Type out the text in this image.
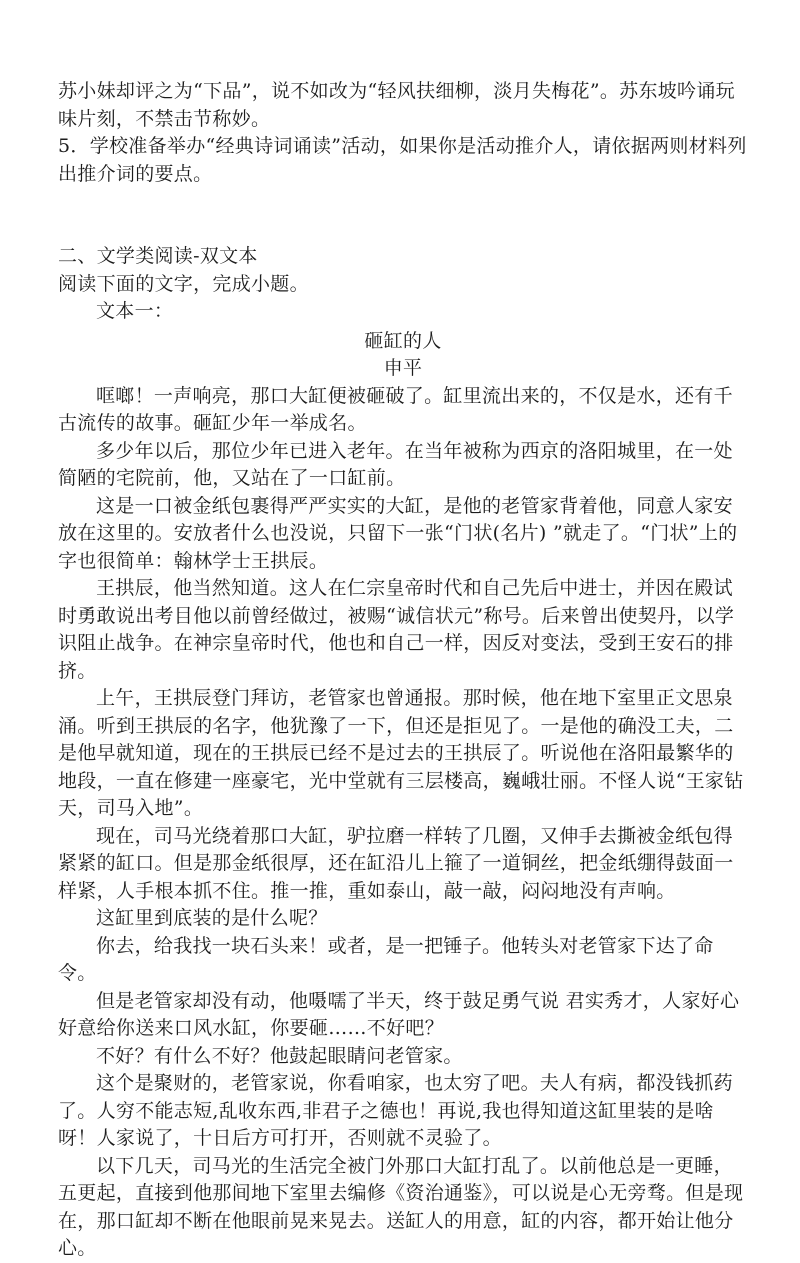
苏小妹却评之为“下品”，说不如改为“轻风扶细柳，淡月失梅花”。苏东坡吟诵玩味片刻，不禁击节称妙。

5．学校准备举办“经典诗词诵读”活动，如果你是活动推介人，请依据两则材料列出推介词的要点。

二、文学类阅读-双文本

阅读下面的文字，完成小题。

文本一：

砸缸的人

申平

哐啷！一声响亮，那口大缸便被砸破了。缸里流出来的，不仅是水，还有千古流传的故事。砸缸少年一举成名。

多少年以后，那位少年已进入老年。在当年被称为西京的洛阳城里，在一处简陋的宅院前，他，又站在了一口缸前。

这是一口被金纸包裹得严严实实的大缸，是他的老管家背着他，同意人家安放在这里的。安放者什么也没说，只留下一张“门状(名片) ”就走了。“门状”上的字也很简单：翰林学士王拱辰。

王拱辰，他当然知道。这人在仁宗皇帝时代和自己先后中进士，并因在殿试时勇敢说出考目他以前曾经做过，被赐“诚信状元”称号。后来曾出使契丹，以学识阻止战争。在神宗皇帝时代，他也和自己一样，因反对变法，受到王安石的排挤。

上午，王拱辰登门拜访，老管家也曾通报。那时候，他在地下室里正文思泉涌。听到王拱辰的名字，他犹豫了一下，但还是拒见了。一是他的确没工夫，二是他早就知道，现在的王拱辰已经不是过去的王拱辰了。听说他在洛阳最繁华的地段，一直在修建一座豪宅，光中堂就有三层楼高，巍峨壮丽。不怪人说“王家钻天，司马入地”。

现在，司马光绕着那口大缸，驴拉磨一样转了几圈，又伸手去撕被金纸包得紧紧的缸口。但是那金纸很厚，还在缸沿儿上箍了一道铜丝，把金纸绷得鼓面一样紧，人手根本抓不住。推一推，重如泰山，敲一敲，闷闷地没有声响。

这缸里到底装的是什么呢？

你去，给我找一块石头来！或者，是一把锤子。他转头对老管家下达了命令。

但是老管家却没有动，他嗫嚅了半天，终于鼓足勇气说 君实秀才，人家好心好意给你送来口风水缸，你要砸……不好吧？

不好？有什么不好？他鼓起眼睛问老管家。

这个是聚财的，老管家说，你看咱家，也太穷了吧。夫人有病，都没钱抓药了。人穷不能志短,乱收东西,非君子之德也！再说,我也得知道这缸里装的是啥呀！人家说了，十日后方可打开，否则就不灵验了。

以下几天，司马光的生活完全被门外那口大缸打乱了。以前他总是一更睡，五更起，直接到他那间地下室里去编修《资治通鉴》，可以说是心无旁骛。但是现在，那口缸却不断在他眼前晃来晃去。送缸人的用意，缸的内容，都开始让他分心。
